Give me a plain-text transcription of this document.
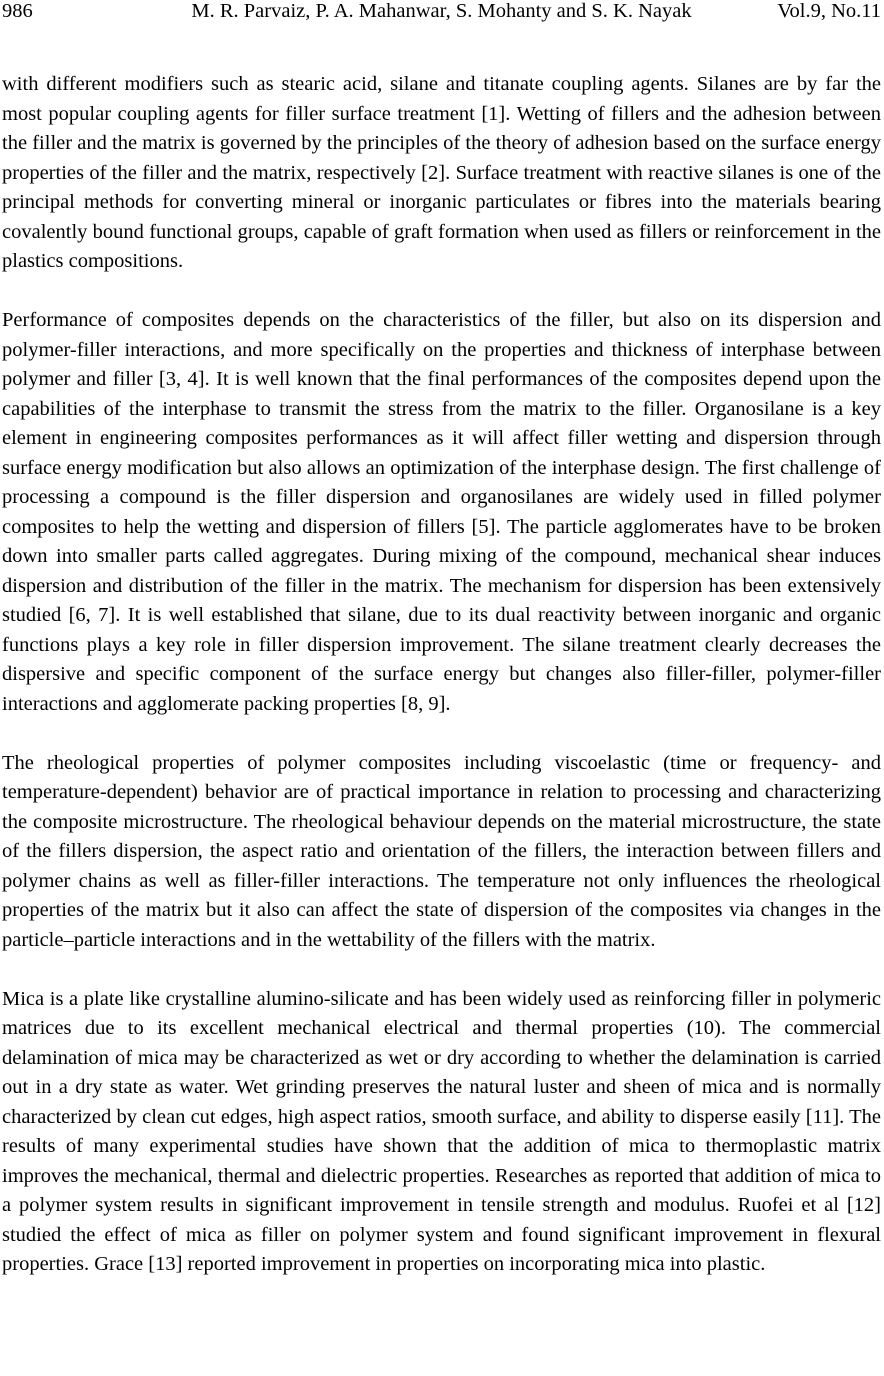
986	M. R. Parvaiz, P. A. Mahanwar, S. Mohanty and S. K. Nayak	Vol.9, No.11

with different modifiers such as stearic acid, silane and titanate coupling agents. Silanes are by far the most popular coupling agents for filler surface treatment [1]. Wetting of fillers and the adhesion between the filler and the matrix is governed by the principles of the theory of adhesion based on the surface energy properties of the filler and the matrix, respectively [2]. Surface treatment with reactive silanes is one of the principal methods for converting mineral or inorganic particulates or fibres into the materials bearing covalently bound functional groups, capable of graft formation when used as fillers or reinforcement in the plastics compositions.

Performance of composites depends on the characteristics of the filler, but also on its dispersion and polymer-filler interactions, and more specifically on the properties and thickness of interphase between polymer and filler [3, 4]. It is well known that the final performances of the composites depend upon the capabilities of the interphase to transmit the stress from the matrix to the filler. Organosilane is a key element in engineering composites performances as it will affect filler wetting and dispersion through surface energy modification but also allows an optimization of the interphase design. The first challenge of processing a compound is the filler dispersion and organosilanes are widely used in filled polymer composites to help the wetting and dispersion of fillers [5]. The particle agglomerates have to be broken down into smaller parts called aggregates. During mixing of the compound, mechanical shear induces dispersion and distribution of the filler in the matrix. The mechanism for dispersion has been extensively studied [6, 7]. It is well established that silane, due to its dual reactivity between inorganic and organic functions plays a key role in filler dispersion improvement. The silane treatment clearly decreases the dispersive and specific component of the surface energy but changes also filler-filler, polymer-filler interactions and agglomerate packing properties [8, 9].

The rheological properties of polymer composites including viscoelastic (time or frequency- and temperature-dependent) behavior are of practical importance in relation to processing and characterizing the composite microstructure. The rheological behaviour depends on the material microstructure, the state of the fillers dispersion, the aspect ratio and orientation of the fillers, the interaction between fillers and polymer chains as well as filler-filler interactions. The temperature not only influences the rheological properties of the matrix but it also can affect the state of dispersion of the composites via changes in the particle–particle interactions and in the wettability of the fillers with the matrix.

Mica is a plate like crystalline alumino-silicate and has been widely used as reinforcing filler in polymeric matrices due to its excellent mechanical electrical and thermal properties (10). The commercial delamination of mica may be characterized as wet or dry according to whether the delamination is carried out in a dry state as water. Wet grinding preserves the natural luster and sheen of mica and is normally characterized by clean cut edges, high aspect ratios, smooth surface, and ability to disperse easily [11]. The results of many experimental studies have shown that the addition of mica to thermoplastic matrix improves the mechanical, thermal and dielectric properties. Researches as reported that addition of mica to a polymer system results in significant improvement in tensile strength and modulus. Ruofei et al [12] studied the effect of mica as filler on polymer system and found significant improvement in flexural properties. Grace [13] reported improvement in properties on incorporating mica into plastic.
